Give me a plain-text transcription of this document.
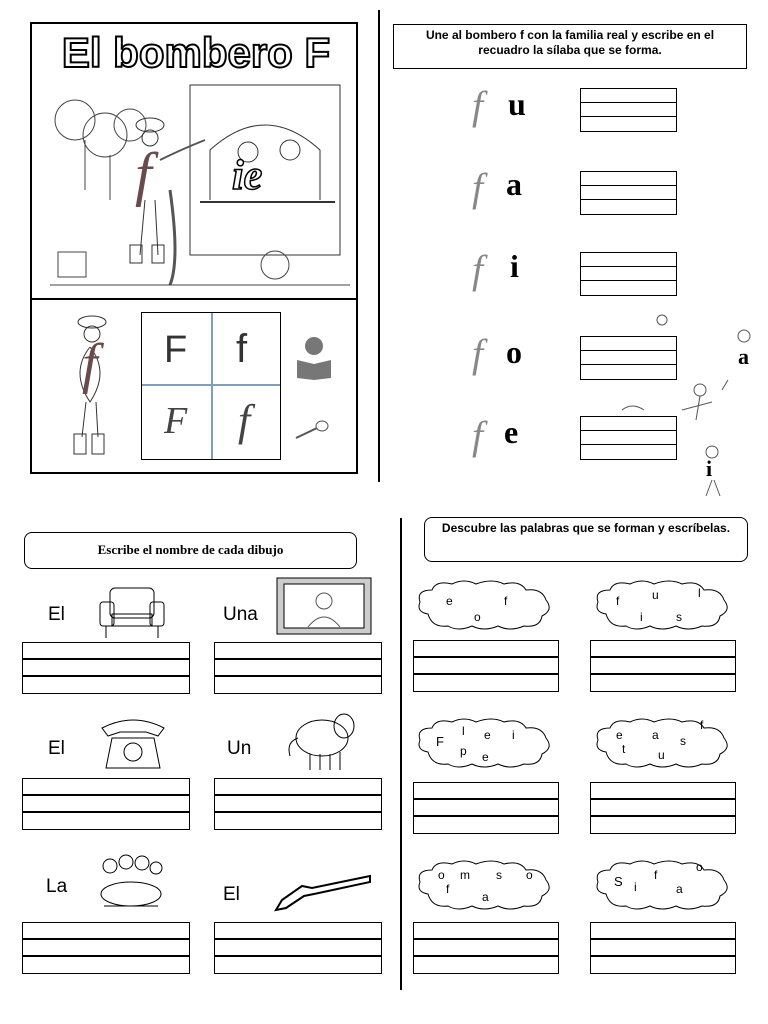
El bombero F
f ie
f F f
F f
Une al bombero f con la familia real y escribe en el recuadro la sílaba que se forma.
f u
f a
f i
f o
f e
a
i
Escribe el nombre de cada dibujo
El	Una
El	Un
La	El
Descubre las palabras que se forman y escríbelas.
e
o
f	f	u
i	s
l
F
l e i
p e
e a
t	u
s
f
o m s o
f
a
S i
f
a
o
